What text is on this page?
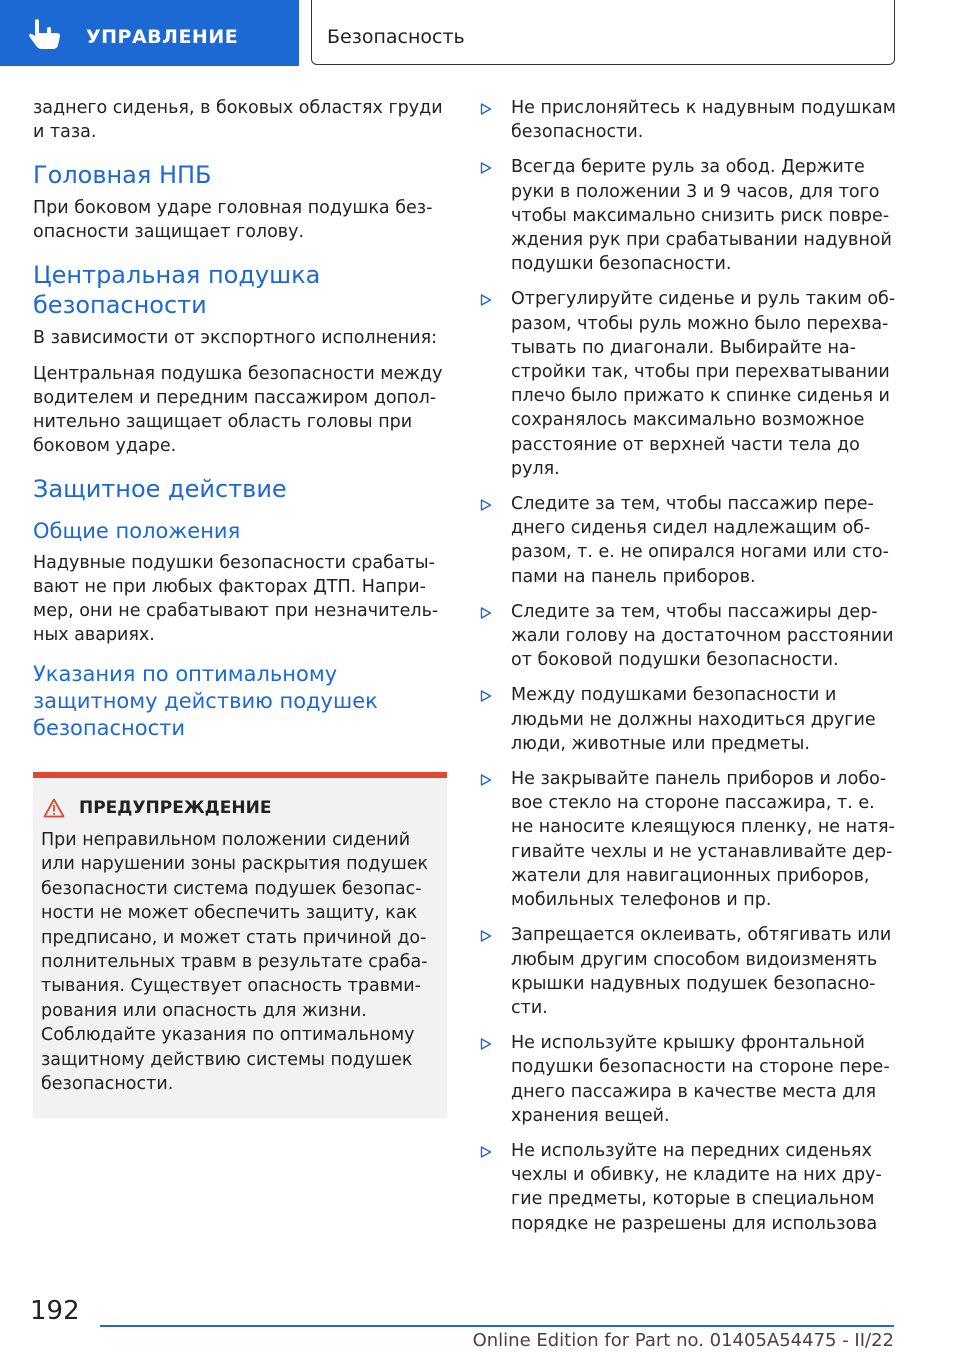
УПРАВЛЕНИЕ	Безопасность

заднего сиденья, в боковых областях груди и таза.

Головная НПБ

При боковом ударе головная подушка безопасности защищает голову.

Центральная подушка безопасности

В зависимости от экспортного исполнения:

Центральная подушка безопасности между водителем и передним пассажиром дополнительно защищает область головы при боковом ударе.

Защитное действие
Общие положения

Надувные подушки безопасности срабатывают не при любых факторах ДТП. Например, они не срабатывают при незначительных авариях.

Указания по оптимальному защитному действию подушек безопасности
ПРЕДУПРЕЖДЕНИЕ
При неправильном положении сидений или нарушении зоны раскрытия подушек безопасности система подушек безопасности не может обеспечить защиту, как предписано, и может стать причиной дополнительных травм в результате срабатывания. Существует опасность травмирования или опасность для жизни. Соблюдайте указания по оптимальному защитному действию системы подушек безопасности.
Не прислоняйтесь к надувным подушкам безопасности.
Всегда берите руль за обод. Держите руки в положении 3 и 9 часов, для того чтобы максимально снизить риск повреждения рук при срабатывании надувной подушки безопасности.
Отрегулируйте сиденье и руль таким образом, чтобы руль можно было перехватывать по диагонали. Выбирайте настройки так, чтобы при перехватывании плечо было прижато к спинке сиденья и сохранялось максимально возможное расстояние от верхней части тела до руля.
Следите за тем, чтобы пассажир переднего сиденья сидел надлежащим образом, т. е. не опирался ногами или стопами на панель приборов.
Следите за тем, чтобы пассажиры держали голову на достаточном расстоянии от боковой подушки безопасности.
Между подушками безопасности и людьми не должны находиться другие люди, животные или предметы.
Не закрывайте панель приборов и лобовое стекло на стороне пассажира, т. е. не наносите клеящуюся пленку, не натягивайте чехлы и не устанавливайте держатели для навигационных приборов, мобильных телефонов и пр.
Запрещается оклеивать, обтягивать или любым другим способом видоизменять крышки надувных подушек безопасности.
Не используйте крышку фронтальной подушки безопасности на стороне переднего пассажира в качестве места для хранения вещей.
Не используйте на передних сиденьях чехлы и обивку, не кладите на них другие предметы, которые в специальном порядке не разрешены для использова
192
Online Edition for Part no. 01405A54475 - II/22
